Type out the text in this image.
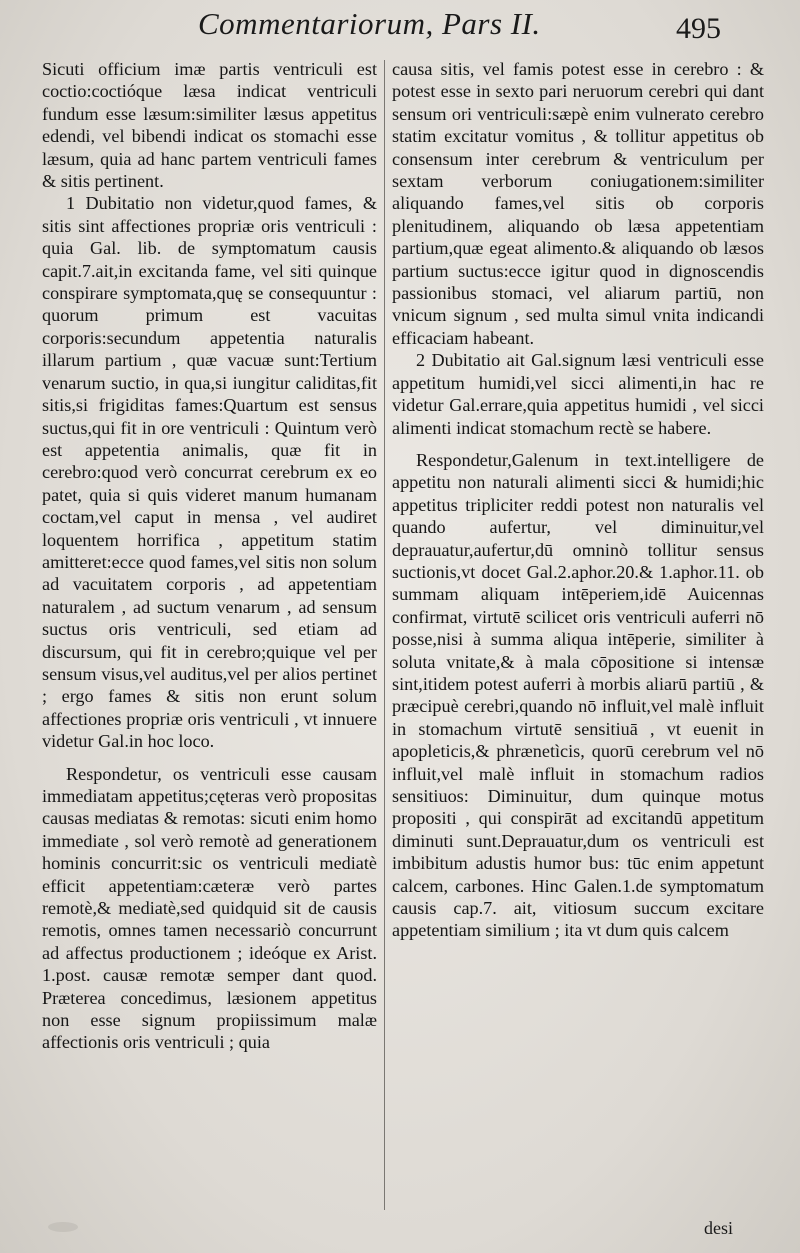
Commentariorum, Pars II.	495

Sicuti officium imæ partis ventriculi est coctio:coctióque læsa indicat ventriculi fundum esse læsum:similiter læsus appetitus edendi, vel bibendi indicat os stomachi esse læsum, quia ad hanc partem ventriculi fames & sitis pertinent.

1 Dubitatio non videtur,quod fames, & sitis sint affectiones propriæ oris ventriculi : quia Gal. lib. de symptomatum causis capit.7.ait,in excitanda fame, vel siti quinque conspirare symptomata,quę se consequuntur : quorum primum est vacuitas corporis:secundum appetentia naturalis illarum partium , quæ vacuæ sunt:Tertium venarum suctio, in qua,si iungitur caliditas,fit sitis,si frigiditas fames:Quartum est sensus suctus,qui fit in ore ventriculi : Quintum verò est appetentia animalis, quæ fit in cerebro:quod verò concurrat cerebrum ex eo patet, quia si quis videret manum humanam coctam,vel caput in mensa , vel audiret loquentem horrifica , appetitum statim amitteret:ecce quod fames,vel sitis non solum ad vacuitatem corporis , ad appetentiam naturalem , ad suctum venarum , ad sensum suctus oris ventriculi, sed etiam ad discursum, qui fit in cerebro;quique vel per sensum visus,vel auditus,vel per alios pertinet ; ergo fames & sitis non erunt solum affectiones propriæ oris ventriculi , vt innuere videtur Gal.in hoc loco.

Respondetur, os ventriculi esse causam immediatam appetitus;cęteras verò propositas causas mediatas & remotas: sicuti enim homo immediate , sol verò remotè ad generationem hominis concurrit:sic os ventriculi mediatè efficit appetentiam:cæteræ verò partes remotè,& mediatè,sed quidquid sit de causis remotis, omnes tamen necessariò concurrunt ad affectus productionem ; ideóque ex Arist. 1.post. causæ remotæ semper dant quod. Præterea concedimus, læsionem appetitus non esse signum propiissimum malæ affectionis oris ventriculi ; quia

causa sitis, vel famis potest esse in cerebro : & potest esse in sexto pari neruorum cerebri qui dant sensum ori ventriculi:sæpè enim vulnerato cerebro statim excitatur vomitus , & tollitur appetitus ob consensum inter cerebrum & ventriculum per sextam verborum coniugationem:similiter aliquando fames,vel sitis ob corporis plenitudinem, aliquando ob læsa appetentiam partium,quæ egeat alimento.& aliquando ob læsos partium suctus:ecce igitur quod in dignoscendis passionibus stomaci, vel aliarum partiū, non vnicum signum , sed multa simul vnita indicandi efficaciam habeant.

2 Dubitatio ait Gal.signum læsi ventriculi esse appetitum humidi,vel sicci alimenti,in hac re videtur Gal.errare,quia appetitus humidi , vel sicci alimenti indicat stomachum rectè se habere.

Respondetur,Galenum in text.intelligere de appetitu non naturali alimenti sicci & humidi;hic appetitus tripliciter reddi potest non naturalis vel quando aufertur, vel diminuitur,vel deprauatur,aufertur,dū omninò tollitur sensus suctionis,vt docet Gal.2.aphor.20.& 1.aphor.11. ob summam aliquam intēperiem,idē Auicennas confirmat, virtutē scilicet oris ventriculi auferri nō posse,nisi à summa aliqua intēperie, similiter à soluta vnitate,& à mala cōpositione si intensæ sint,itidem potest auferri à morbis aliarū partiū , & præcipuè cerebri,quando nō influit,vel malè influit in stomachum virtutē sensitiuā , vt euenit in apopleticis,& phrænetìcis, quorū cerebrum vel nō influit,vel malè influit in stomachum radios sensitiuos: Diminuitur, dum quinque motus propositi , qui conspirāt ad excitandū appetitum diminuti sunt.Deprauatur,dum os ventriculi est imbibitum adustis humor bus: tūc enim appetunt calcem, carbones. Hinc Galen.1.de symptomatum causis cap.7. ait, vitiosum succum excitare appetentiam similium ; ita vt dum quis calcem

desi
